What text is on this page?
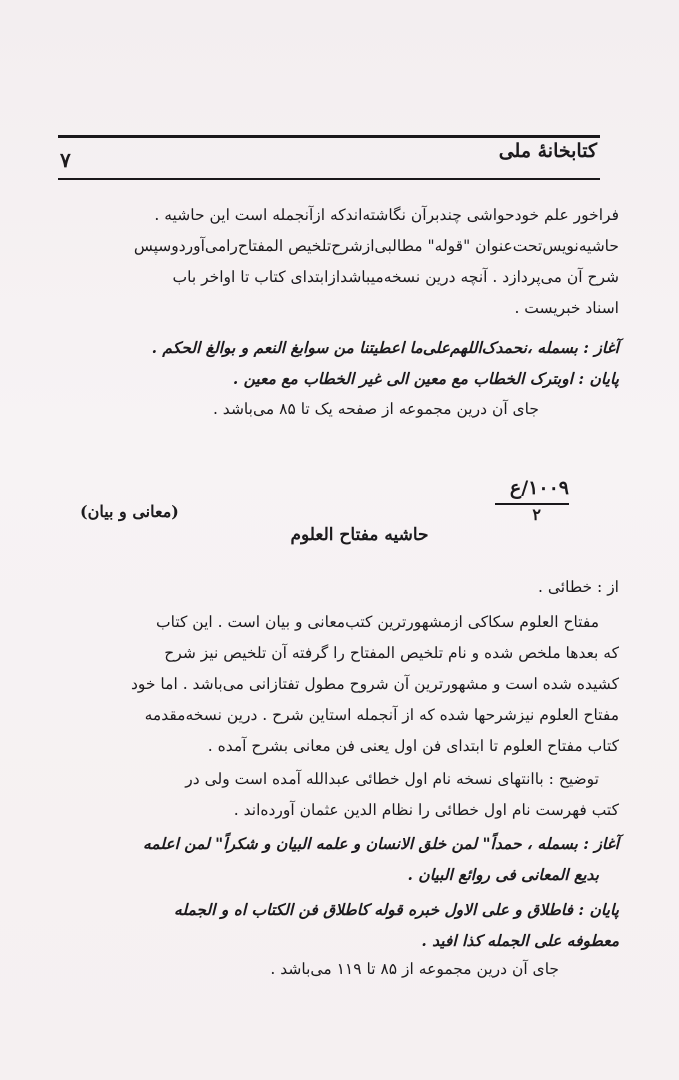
کتابخانهٔ ملی
۷
فراخور علم خودحواشی چندبرآن نگاشته‌اندکه ازآنجمله است این حاشیه .
حاشیه‌نویس‌تحت‌عنوان "قوله" مطالبی‌ازشرح‌تلخیص المفتاح‌رامی‌آوردوسپس
شرح آن می‌پردازد . آنچه درین نسخه‌میباشدازابتدای کتاب تا اواخر باب
اسناد خبریست .
آغاز : بسمله ،نحمدک‌اللهم‌علی‌ما اعطیتنا من سوابغ النعم و بوالغ الحکم .
پایان : اوبترک الخطاب مع معین الی غیر الخطاب مع معین .
جای آن درین مجموعه از صفحه یک تا ۸۵ می‌باشد .
۱۰۰۹/ع
۲
(معانی و بیان)
حاشیه مفتاح العلوم
از : خطائی .
مفتاح العلوم سکاکی ازمشهورترین کتب‌معانی و بیان است . این کتاب
که بعدها ملخص شده و نام تلخیص المفتاح را گرفته آن تلخیص نیز شرح
کشیده شده است و مشهورترین آن شروح مطول تفتازانی می‌باشد . اما خود
مفتاح العلوم نیزشرحها شده که از آنجمله استاین شرح . درین نسخه‌مقدمه
کتاب مفتاح العلوم تا ابتدای فن اول یعنی فن معانی بشرح آمده .
توضیح : باانتهای نسخه نام اول خطائی عبدالله آمده است ولی در
کتب فهرست نام اول خطائی را نظام الدین عثمان آورده‌اند .
آغاز : بسمله ، حمداً" لمن خلق الانسان و علمه البیان و شکراً" لمن اعلمه
بدیع المعانی فی روائع البیان .
پایان : فاطلاق و علی الاول خبره قوله کاطلاق فن الکتاب اه و الجمله
معطوفه علی الجمله کذا افید .
جای آن درین مجموعه از ۸۵ تا ۱۱۹ می‌باشد .
